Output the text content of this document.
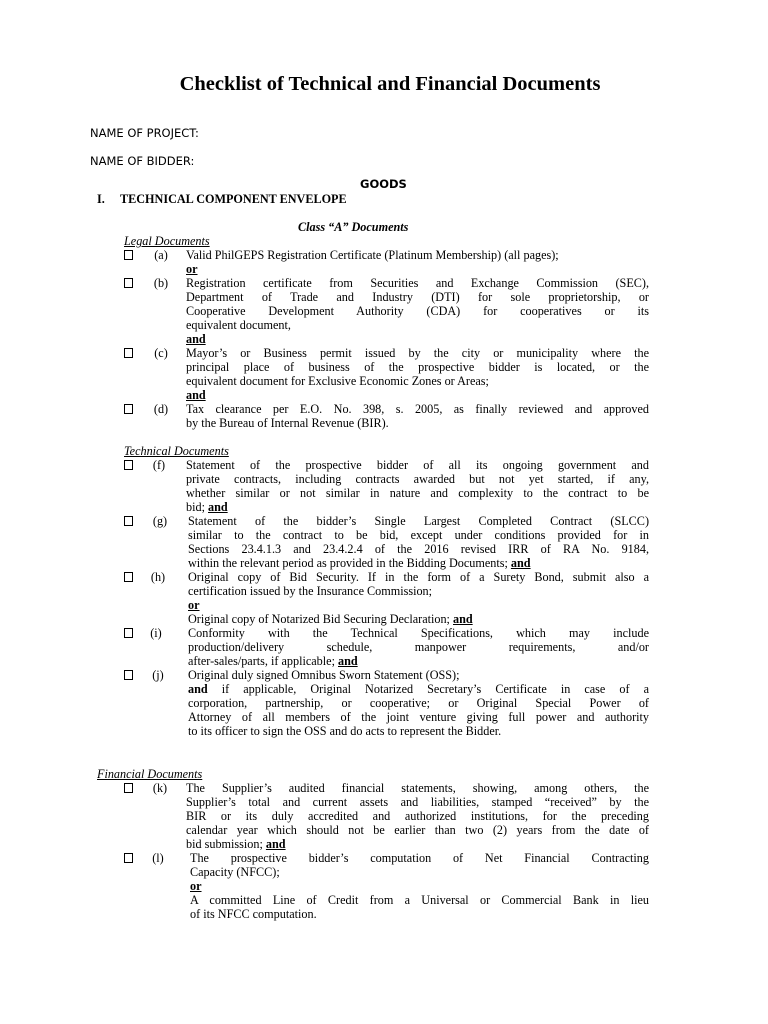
Checklist of Technical and Financial Documents
NAME OF PROJECT:
NAME OF BIDDER:
GOODS
I. TECHNICAL COMPONENT ENVELOPE
Class “A” Documents
Legal Documents
(a)	Valid PhilGEPS Registration Certificate (Platinum Membership) (all pages);
or
(b)	Registration certificate from Securities and Exchange Commission (SEC),
Department of Trade and Industry (DTI) for sole proprietorship, or
Cooperative Development Authority (CDA) for cooperatives or its
equivalent document,
and
(c)	Mayor’s or Business permit issued by the city or municipality where the
principal place of business of the prospective bidder is located, or the
equivalent document for Exclusive Economic Zones or Areas;
and
(d)	Tax clearance per E.O. No. 398, s. 2005, as finally reviewed and approved
by the Bureau of Internal Revenue (BIR).
Technical Documents
(f)	Statement of the prospective bidder of all its ongoing government and
private contracts, including contracts awarded but not yet started, if any,
whether similar or not similar in nature and complexity to the contract to be
bid; and
(g)	Statement of the bidder’s Single Largest Completed Contract (SLCC)
similar to the contract to be bid, except under conditions provided for in
Sections 23.4.1.3 and 23.4.2.4 of the 2016 revised IRR of RA No. 9184,
within the relevant period as provided in the Bidding Documents; and
(h)	Original copy of Bid Security. If in the form of a Surety Bond, submit also a
certification issued by the Insurance Commission;
or
Original copy of Notarized Bid Securing Declaration; and
(i)	Conformity with the Technical Specifications, which may include
production/delivery schedule, manpower requirements, and/or
after-sales/parts, if applicable; and
(j)	Original duly signed Omnibus Sworn Statement (OSS);
and if applicable, Original Notarized Secretary’s Certificate in case of a
corporation, partnership, or cooperative; or Original Special Power of
Attorney of all members of the joint venture giving full power and authority
to its officer to sign the OSS and do acts to represent the Bidder.
Financial Documents
(k)	The Supplier’s audited financial statements, showing, among others, the
Supplier’s total and current assets and liabilities, stamped “received” by the
BIR or its duly accredited and authorized institutions, for the preceding
calendar year which should not be earlier than two (2) years from the date of
bid submission; and
(l)	The prospective bidder’s computation of Net Financial Contracting
Capacity (NFCC);
or
A committed Line of Credit from a Universal or Commercial Bank in lieu
of its NFCC computation.
